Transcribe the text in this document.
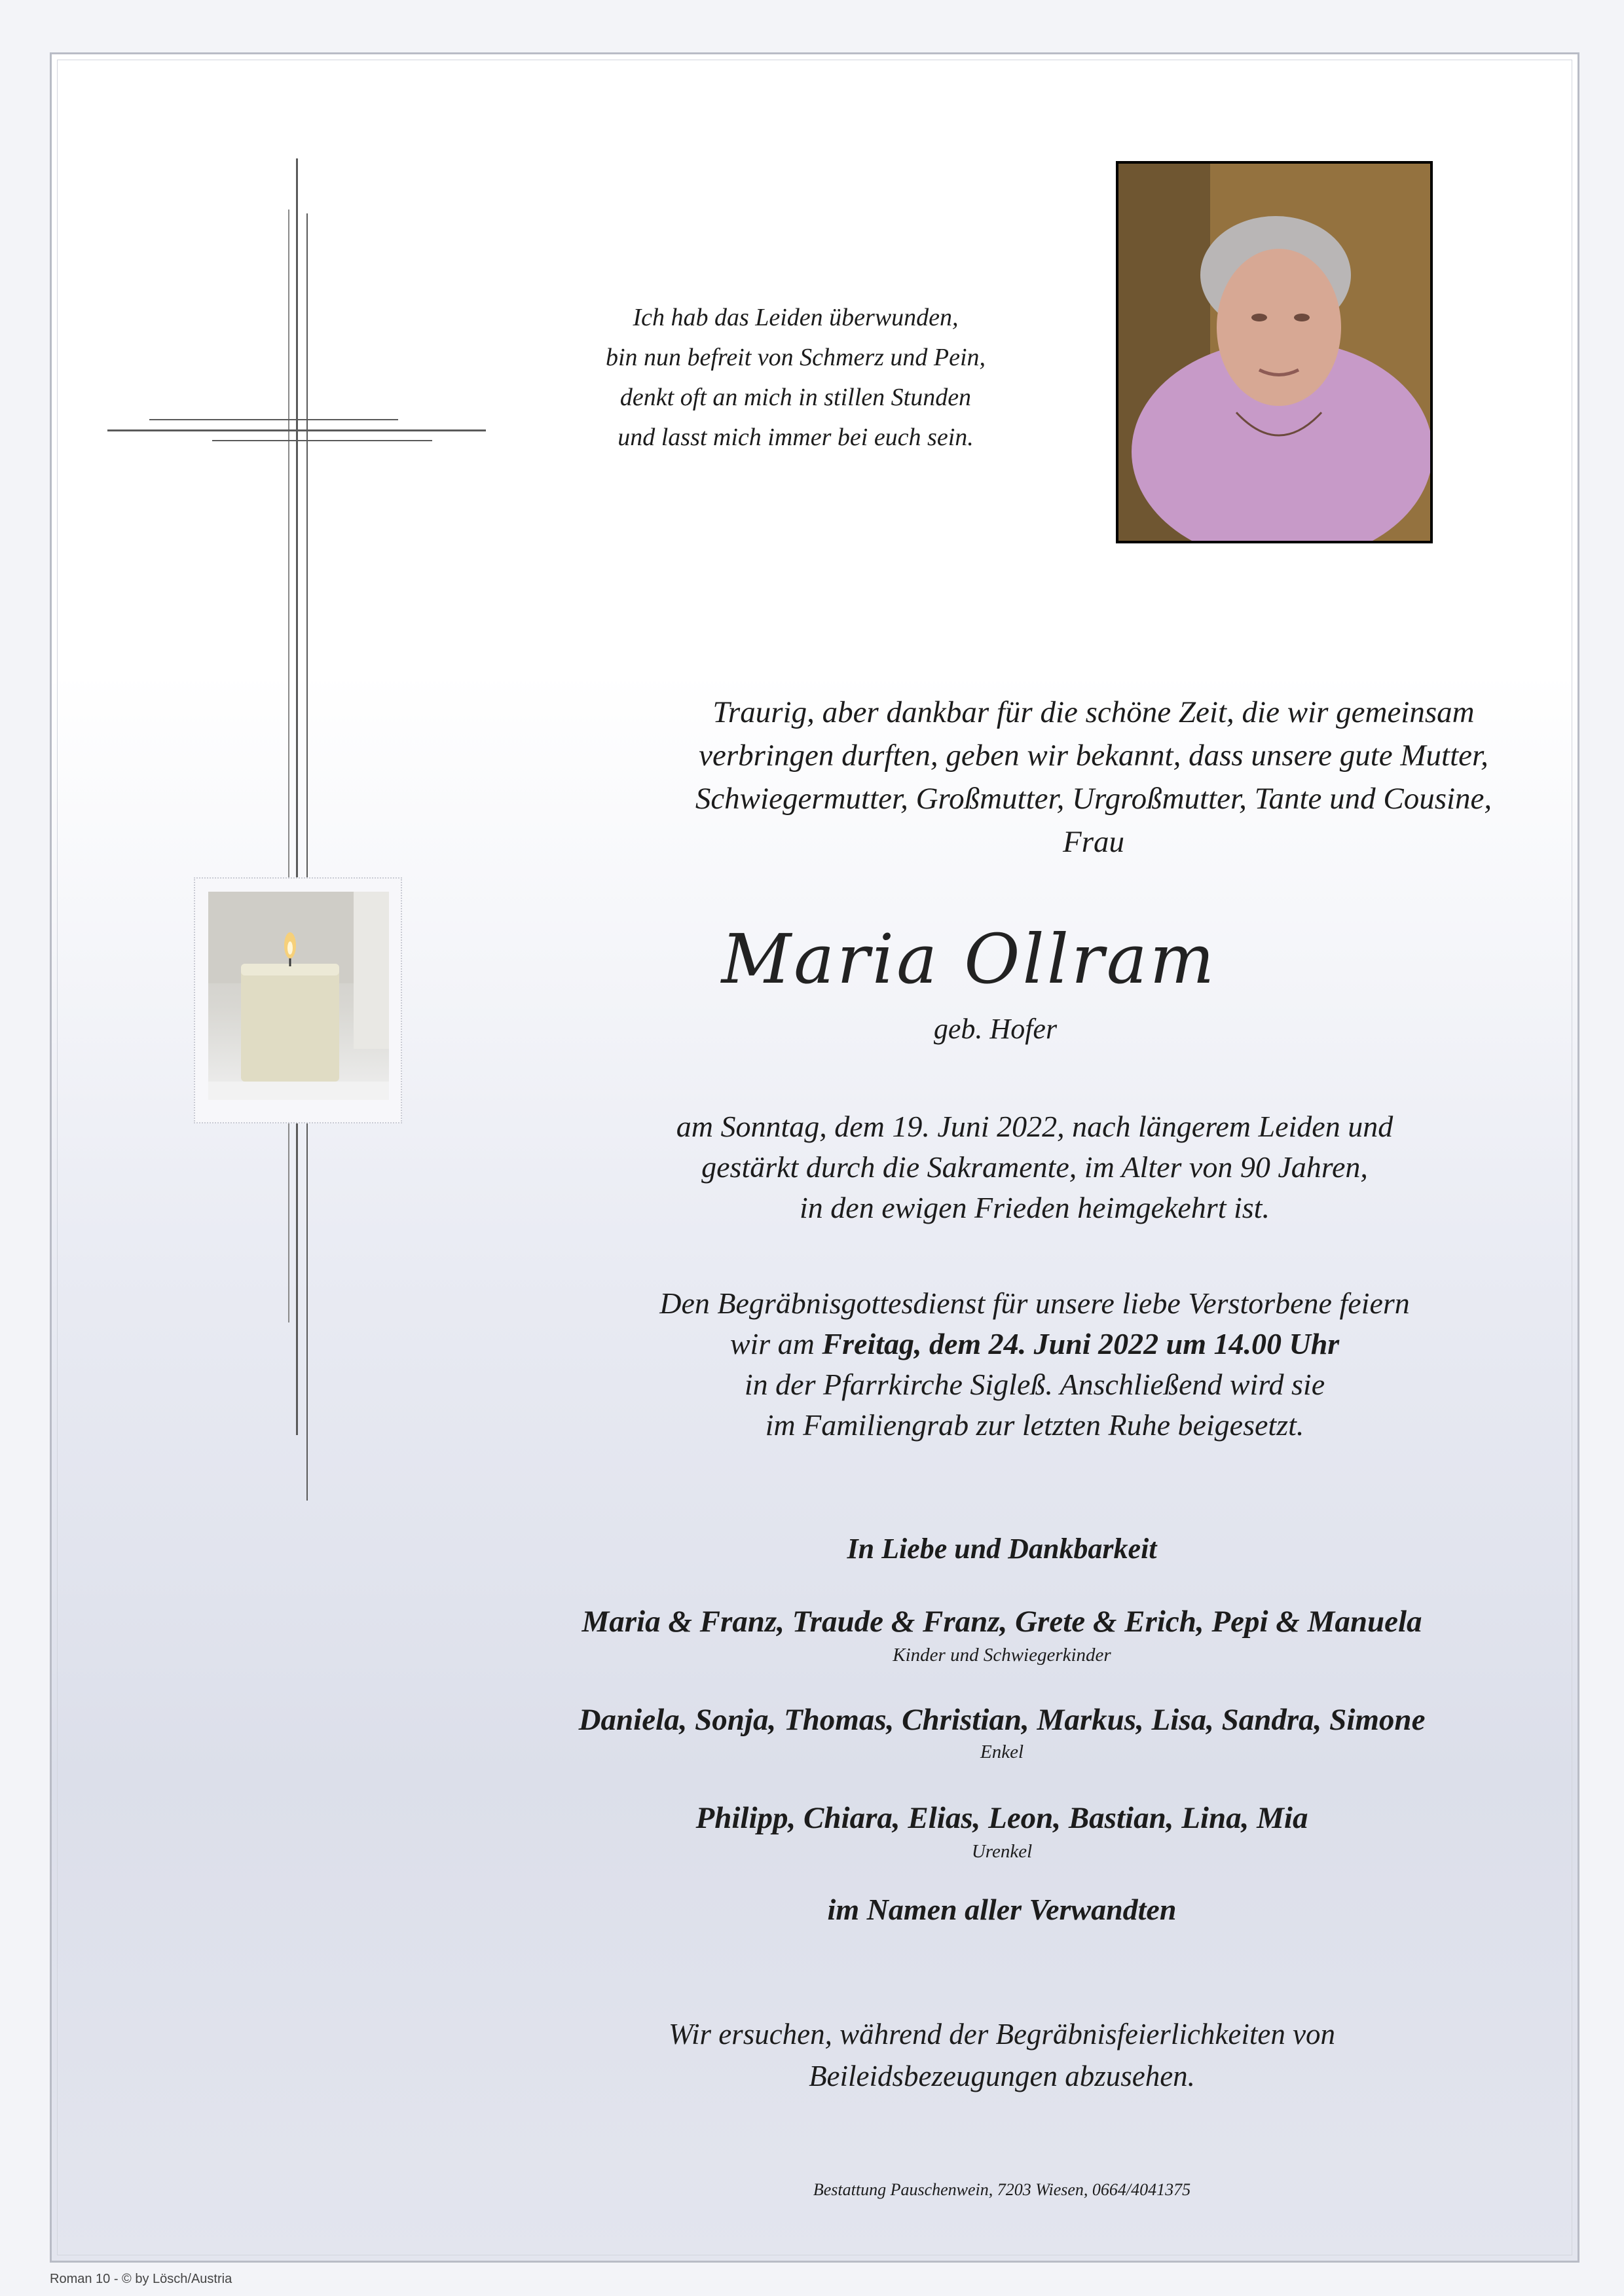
Ich hab das Leiden überwunden,
bin nun befreit von Schmerz und Pein,
denkt oft an mich in stillen Stunden
und lasst mich immer bei euch sein.
Traurig, aber dankbar für die schöne Zeit, die wir gemeinsam
verbringen durften, geben wir bekannt, dass unsere gute Mutter,
Schwiegermutter, Großmutter, Urgroßmutter, Tante und Cousine,
Frau
Maria Ollram
geb. Hofer
am Sonntag, dem 19. Juni 2022, nach längerem Leiden und
gestärkt durch die Sakramente, im Alter von 90 Jahren,
in den ewigen Frieden heimgekehrt ist.
Den Begräbnisgottesdienst für unsere liebe Verstorbene feiern
wir am Freitag, dem 24. Juni 2022 um 14.00 Uhr
in der Pfarrkirche Sigleß. Anschließend wird sie
im Familiengrab zur letzten Ruhe beigesetzt.
In Liebe und Dankbarkeit
Maria & Franz, Traude & Franz, Grete & Erich, Pepi & Manuela
Kinder und Schwiegerkinder
Daniela, Sonja, Thomas, Christian, Markus, Lisa, Sandra, Simone
Enkel
Philipp, Chiara, Elias, Leon, Bastian, Lina, Mia
Urenkel
im Namen aller Verwandten
Wir ersuchen, während der Begräbnisfeierlichkeiten von
Beileidsbezeugungen abzusehen.
Bestattung Pauschenwein, 7203 Wiesen, 0664/4041375
Roman 10 - © by Lösch/Austria
